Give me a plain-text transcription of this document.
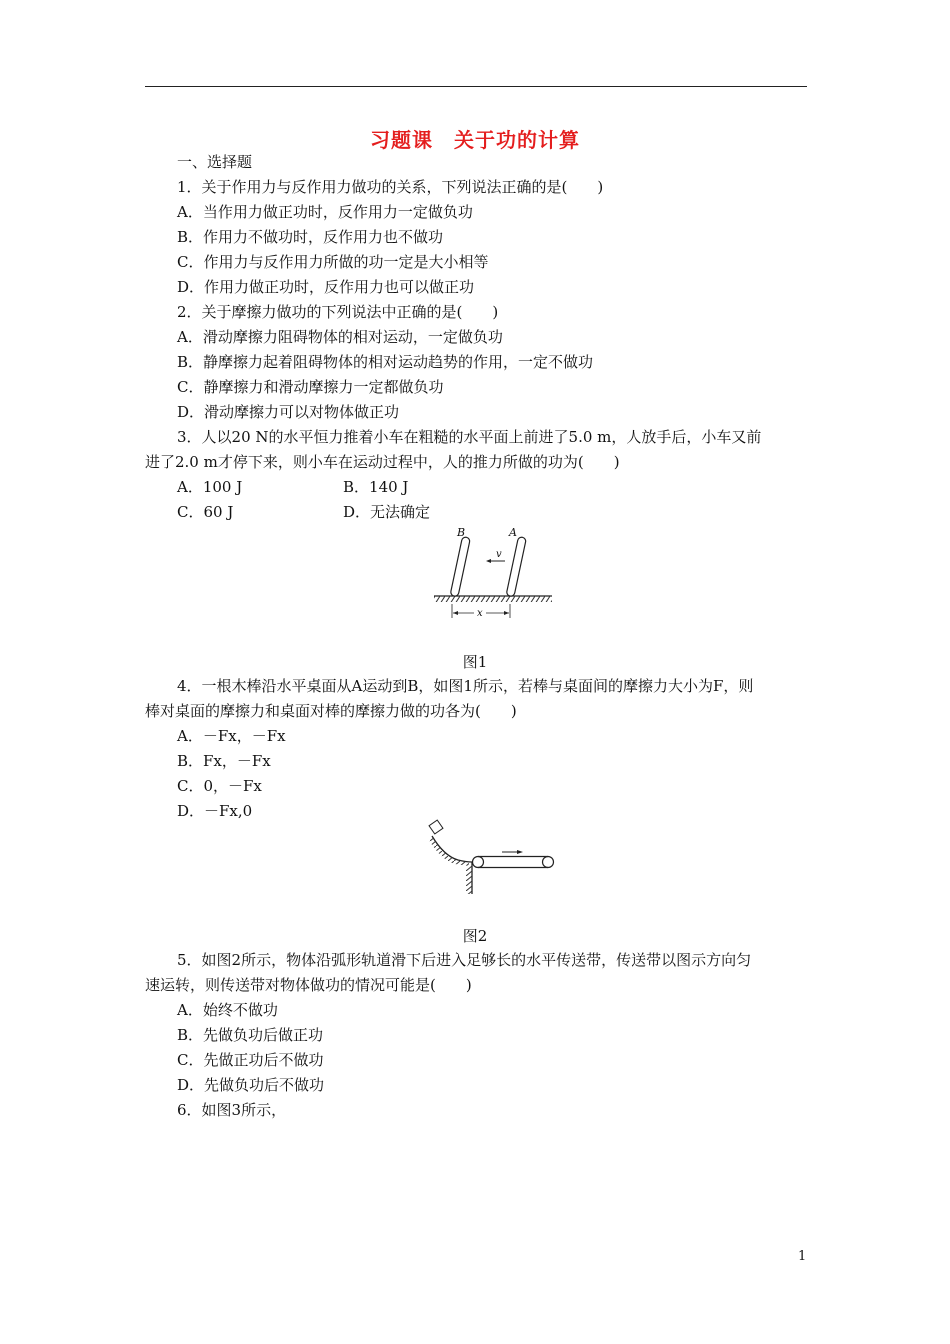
习题课　关于功的计算
一、选择题
1．关于作用力与反作用力做功的关系，下列说法正确的是(　　)
A．当作用力做正功时，反作用力一定做负功
B．作用力不做功时，反作用力也不做功
C．作用力与反作用力所做的功一定是大小相等
D．作用力做正功时，反作用力也可以做正功
2．关于摩擦力做功的下列说法中正确的是(　　)
A．滑动摩擦力阻碍物体的相对运动，一定做负功
B．静摩擦力起着阻碍物体的相对运动趋势的作用，一定不做功
C．静摩擦力和滑动摩擦力一定都做负功
D．滑动摩擦力可以对物体做正功
3．人以20 N的水平恒力推着小车在粗糙的水平面上前进了5.0 m，人放手后，小车又前
进了2.0 m才停下来，则小车在运动过程中，人的推力所做的功为(　　)
A．100 J	B．140 J
C．60 J	D．无法确定
B	A
v
x
图1
4．一根木棒沿水平桌面从A运动到B，如图1所示，若棒与桌面间的摩擦力大小为F，则
棒对桌面的摩擦力和桌面对棒的摩擦力做的功各为(　　)
A．－Fx，－Fx
B．Fx，－Fx
C．0，－Fx
D．－Fx,0
图2
5．如图2所示，物体沿弧形轨道滑下后进入足够长的水平传送带，传送带以图示方向匀
速运转，则传送带对物体做功的情况可能是(　　)
A．始终不做功
B．先做负功后做正功
C．先做正功后不做功
D．先做负功后不做功
6．如图3所示，
1
